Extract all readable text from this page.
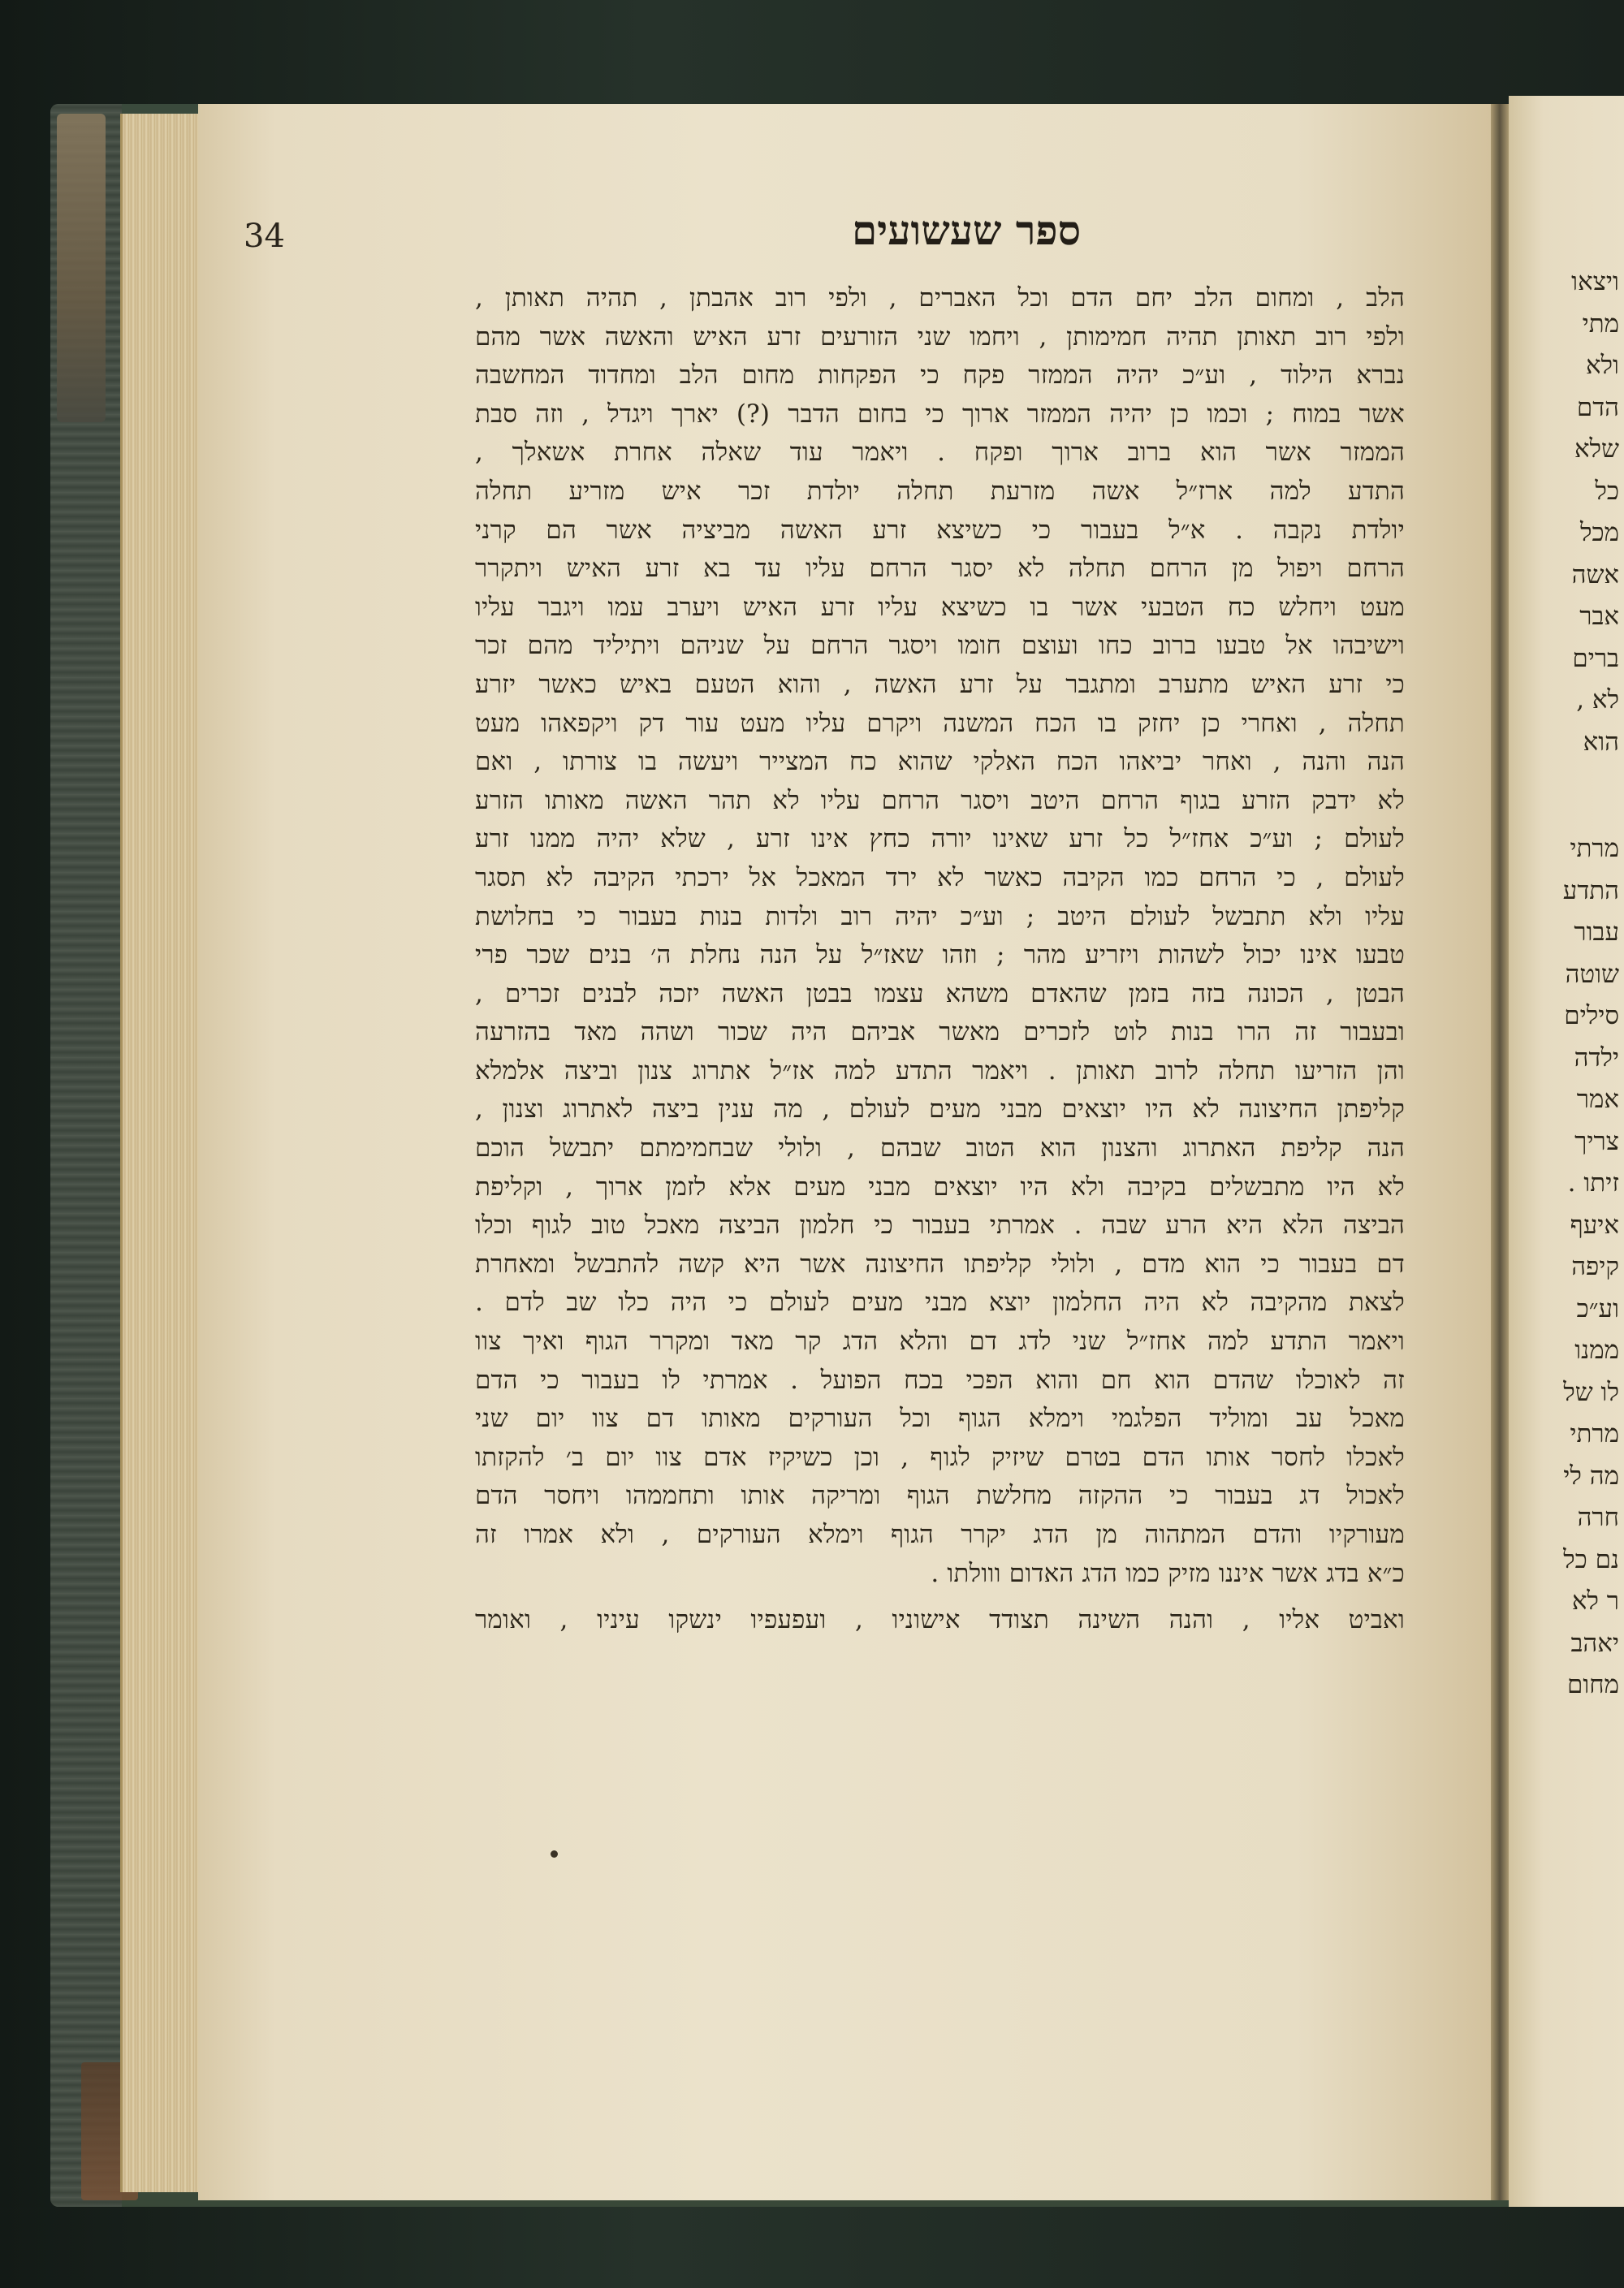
34	ספר שעשועים
הלב , ומחום הלב יחם הדם וכל האברים , ולפי רוב אהבתן , תהיה תאותן ,
ולפי רוב תאותן תהיה חמימותן , ויחמו שני הזורעים זרע האיש והאשה אשר מהם
נברא הילוד , וע״כ יהיה הממזר פקח כי הפקחות מחום הלב ומחדוד המחשבה
אשר במוח ; וכמו כן יהיה הממזר ארוך כי בחום הדבר (?) יארך ויגדל , וזה סבת
הממזר אשר הוא ברוב ארוך ופקח . ויאמר עוד שאלה אחרת אשאלך ,
התדע למה ארז״ל אשה מזרעת תחלה יולדת זכר איש מזריע תחלה
יולדת נקבה . א״ל בעבור כי כשיצא זרע האשה מביציה אשר הם קרני
הרחם ויפול מן הרחם תחלה לא יסגר הרחם עליו עד בא זרע האיש ויתקרר
מעט ויחלש כח הטבעי אשר בו כשיצא עליו זרע האיש ויערב עמו ויגבר עליו
וישיבהו אל טבעו ברוב כחו ועוצם חומו ויסגר הרחם על שניהם ויתיליד מהם זכר
כי זרע האיש מתערב ומתגבר על זרע האשה , והוא הטעם באיש כאשר יזרע
תחלה , ואחרי כן יחזק בו הכח המשנה ויקרם עליו מעט עור דק ויקפאהו מעט
הנה והנה , ואחר יביאהו הכח האלקי שהוא כח המצייר ויעשה בו צורתו , ואם
לא ידבק הזרע בגוף הרחם היטב ויסגר הרחם עליו לא תהר האשה מאותו הזרע
לעולם ; וע״כ אחז״ל כל זרע שאינו יורה כחץ אינו זרע , שלא יהיה ממנו זרע
לעולם , כי הרחם כמו הקיבה כאשר לא ירד המאכל אל ירכתי הקיבה לא תסגר
עליו ולא תתבשל לעולם היטב ; וע״כ יהיה רוב ולדות בנות בעבור כי בחלושת
טבעו אינו יכול לשהות ויזריע מהר ; וזהו שאז״ל על הנה נחלת ה׳ בנים שכר פרי
הבטן , הכונה בזה בזמן שהאדם משהא עצמו בבטן האשה יזכה לבנים זכרים ,
ובעבור זה הרו בנות לוט לזכרים מאשר אביהם היה שכור ושהה מאד בהזרעה
והן הזריעו תחלה לרוב תאותן . ויאמר התדע למה אז״ל אתרוג צנון וביצה אלמלא
קליפתן החיצונה לא היו יוצאים מבני מעים לעולם , מה ענין ביצה לאתרוג וצנון ,
הנה קליפת האתרוג והצנון הוא הטוב שבהם , ולולי שבחמימתם יתבשל הוכם
לא היו מתבשלים בקיבה ולא היו יוצאים מבני מעים אלא לזמן ארוך , וקליפת
הביצה הלא היא הרע שבה . אמרתי בעבור כי חלמון הביצה מאכל טוב לגוף וכלו
דם בעבור כי הוא מדם , ולולי קליפתו החיצונה אשר היא קשה להתבשל ומאחרת
לצאת מהקיבה לא היה החלמון יוצא מבני מעים לעולם כי היה כלו שב לדם .
ויאמר התדע למה אחז״ל שני לדג דם והלא הדג קר מאד ומקרר הגוף ואיך צוו
זה לאוכלו שהדם הוא חם והוא הפכי בכח הפועל . אמרתי לו בעבור כי הדם
מאכל עב ומוליד הפלגמי וימלא הגוף וכל העורקים מאותו דם צוו יום שני
לאכלו לחסר אותו הדם בטרם שיזיק לגוף , וכן כשיקיז אדם צוו יום ב׳ להקזתו
לאכול דג בעבור כי ההקזה מחלשת הגוף ומריקה אותו ותחממהו ויחסר הדם
מעורקיו והדם המתהוה מן הדג יקרר הגוף וימלא העורקים , ולא אמרו זה
כ״א בדג אשר איננו מזיק כמו הדג האדום ווולתו .
ואביט אליו , והנה השינה תצודד אישוניו , ועפעפיו ינשקו עיניו , ואומר
ויצאו
מתי
ולא
הדם
שלא
כל
מכל
אשה
אבר
ברים
לא ,
הוא
מרתי
התדע
עבור
שוטה
סילים
ילדה
אמר
צריך
זיתו .
איעף
קיפה
וע״כ
ממנו
לו של
מרתי
מה לי
חרה
נם כל
ר לא
יאהב
מחום
